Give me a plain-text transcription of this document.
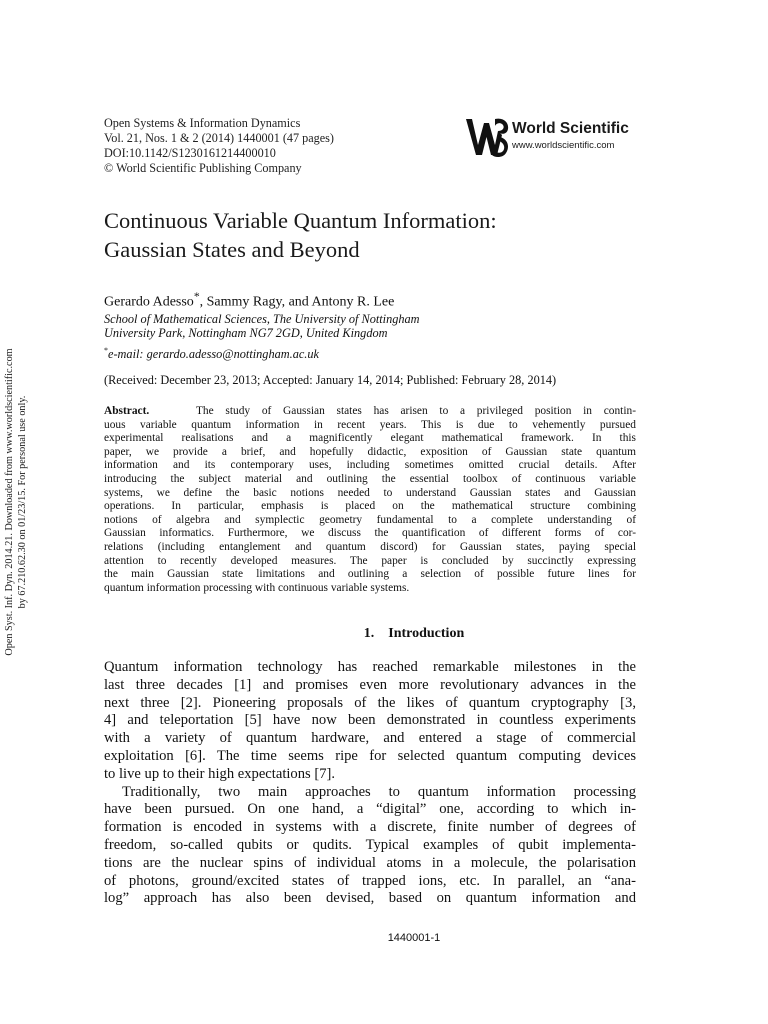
Open Syst. Inf. Dyn. 2014.21. Downloaded from www.worldscientific.com by 67.210.62.30 on 01/23/15. For personal use only.
Open Systems & Information Dynamics
Vol. 21, Nos. 1 & 2 (2014) 1440001 (47 pages)
DOI:10.1142/S1230161214400010
© World Scientific Publishing Company
World Scientific
www.worldscientific.com
Continuous Variable Quantum Information:
Gaussian States and Beyond
Gerardo Adesso*, Sammy Ragy, and Antony R. Lee
School of Mathematical Sciences, The University of Nottingham
University Park, Nottingham NG7 2GD, United Kingdom
*e-mail: gerardo.adesso@nottingham.ac.uk
(Received: December 23, 2013; Accepted: January 14, 2014; Published: February 28, 2014)
Abstract.	The study of Gaussian states has arisen to a privileged position in contin-
uous variable quantum information in recent years. This is due to vehemently pursued
experimental realisations and a magnificently elegant mathematical framework. In this
paper, we provide a brief, and hopefully didactic, exposition of Gaussian state quantum
information and its contemporary uses, including sometimes omitted crucial details. After
introducing the subject material and outlining the essential toolbox of continuous variable
systems, we define the basic notions needed to understand Gaussian states and Gaussian
operations. In particular, emphasis is placed on the mathematical structure combining
notions of algebra and symplectic geometry fundamental to a complete understanding of
Gaussian informatics. Furthermore, we discuss the quantification of different forms of cor-
relations (including entanglement and quantum discord) for Gaussian states, paying special
attention to recently developed measures. The paper is concluded by succinctly expressing
the main Gaussian state limitations and outlining a selection of possible future lines for
quantum information processing with continuous variable systems.
1. Introduction
Quantum information technology has reached remarkable milestones in the
last three decades [1] and promises even more revolutionary advances in the
next three [2]. Pioneering proposals of the likes of quantum cryptography [3,
4] and teleportation [5] have now been demonstrated in countless experiments
with a variety of quantum hardware, and entered a stage of commercial
exploitation [6]. The time seems ripe for selected quantum computing devices
to live up to their high expectations [7].
Traditionally, two main approaches to quantum information processing
have been pursued. On one hand, a “digital” one, according to which in-
formation is encoded in systems with a discrete, finite number of degrees of
freedom, so-called qubits or qudits. Typical examples of qubit implementa-
tions are the nuclear spins of individual atoms in a molecule, the polarisation
of photons, ground/excited states of trapped ions, etc. In parallel, an “ana-
log” approach has also been devised, based on quantum information and
1440001-1
